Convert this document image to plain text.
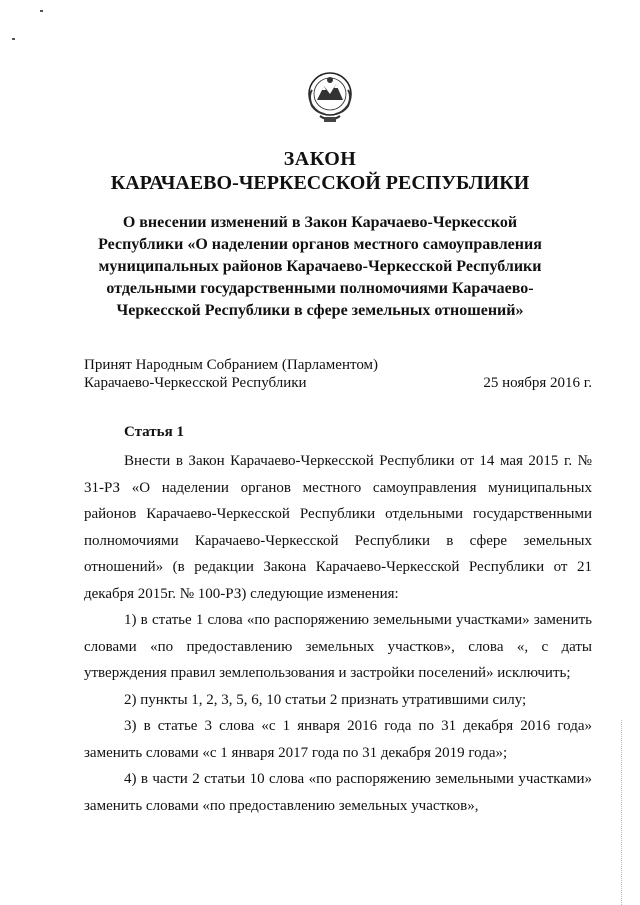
ЗАКОН
КАРАЧАЕВО-ЧЕРКЕССКОЙ РЕСПУБЛИКИ
О внесении изменений в Закон Карачаево-Черкесской Республики «О наделении органов местного самоуправления муниципальных районов Карачаево-Черкесской Республики отдельными государственными полномочиями Карачаево-Черкесской Республики в сфере земельных отношений»
Принят Народным Собранием (Парламентом)
Карачаево-Черкесской Республики	25 ноября 2016 г.
Статья 1

Внести в Закон Карачаево-Черкесской Республики от 14 мая 2015 г. № 31-РЗ «О наделении органов местного самоуправления муниципальных районов Карачаево-Черкесской Республики отдельными государственными полномочиями Карачаево-Черкесской Республики в сфере земельных отношений» (в редакции Закона Карачаево-Черкесской Республики от 21 декабря 2015г. № 100-РЗ) следующие изменения:

1) в статье 1 слова «по распоряжению земельными участками» заменить словами «по предоставлению земельных участков», слова «, с даты утверждения правил землепользования и застройки поселений» исключить;

2) пункты 1, 2, 3, 5, 6, 10 статьи 2 признать утратившими силу;

3) в статье 3 слова «с 1 января 2016 года по 31 декабря 2016 года» заменить словами «с 1 января 2017 года по 31 декабря 2019 года»;

4) в части 2 статьи 10 слова «по распоряжению земельными участками» заменить словами «по предоставлению земельных участков»,
